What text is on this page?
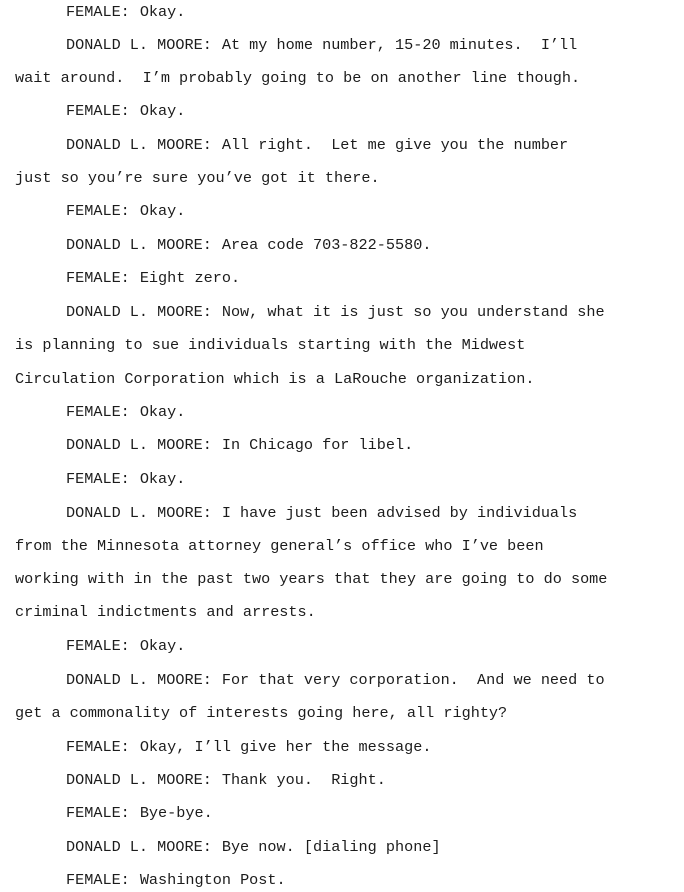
FEMALE: Okay.
DONALD L. MOORE: At my home number, 15-20 minutes.  I’ll
wait around.  I’m probably going to be on another line though.
FEMALE: Okay.
DONALD L. MOORE: All right.  Let me give you the number
just so you’re sure you’ve got it there.
FEMALE: Okay.
DONALD L. MOORE: Area code 703-822-5580.
FEMALE: Eight zero.
DONALD L. MOORE: Now, what it is just so you understand she
is planning to sue individuals starting with the Midwest
Circulation Corporation which is a LaRouche organization.
FEMALE: Okay.
DONALD L. MOORE: In Chicago for libel.
FEMALE: Okay.
DONALD L. MOORE: I have just been advised by individuals
from the Minnesota attorney general’s office who I’ve been
working with in the past two years that they are going to do some
criminal indictments and arrests.
FEMALE: Okay.
DONALD L. MOORE: For that very corporation.  And we need to
get a commonality of interests going here, all righty?
FEMALE: Okay, I’ll give her the message.
DONALD L. MOORE: Thank you.  Right.
FEMALE: Bye-bye.
DONALD L. MOORE: Bye now. [dialing phone]
FEMALE: Washington Post.
